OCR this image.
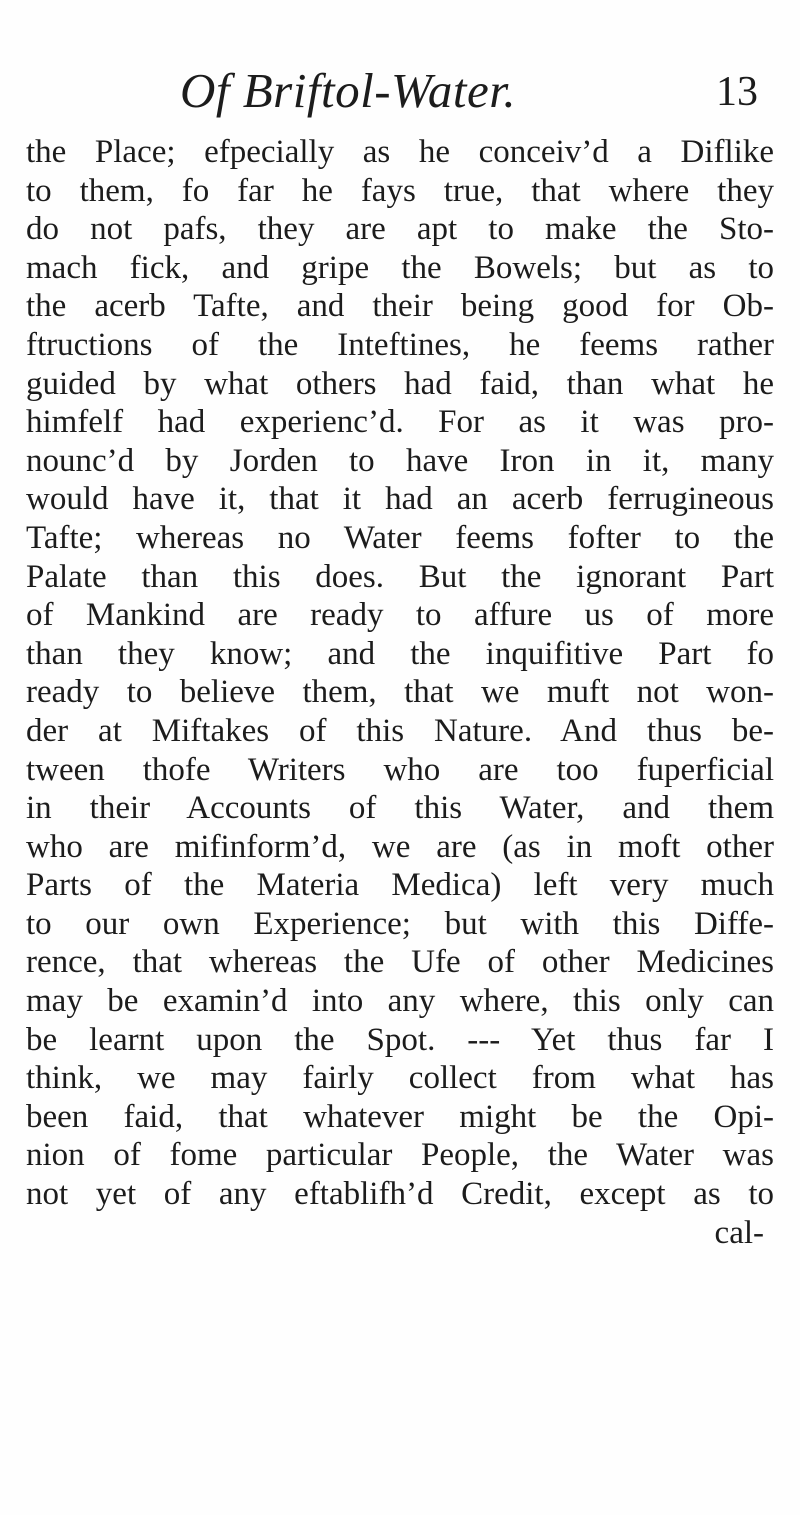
Of Briftol-Water.	13
the Place; efpecially as he conceiv’d a Diflike
to them, fo far he fays true, that where they
do not pafs, they are apt to make the Sto-
mach fick, and gripe the Bowels; but as to
the acerb Tafte, and their being good for Ob-
ftructions of the Inteftines, he feems rather
guided by what others had faid, than what he
himfelf had experienc’d. For as it was pro-
nounc’d by Jorden to have Iron in it, many
would have it, that it had an acerb ferrugineous
Tafte; whereas no Water feems fofter to the
Palate than this does. But the ignorant Part
of Mankind are ready to affure us of more
than they know; and the inquifitive Part fo
ready to believe them, that we muft not won-
der at Miftakes of this Nature. And thus be-
tween thofe Writers who are too fuperficial
in their Accounts of this Water, and them
who are mifinform’d, we are (as in moft other
Parts of the Materia Medica) left very much
to our own Experience; but with this Diffe-
rence, that whereas the Ufe of other Medicines
may be examin’d into any where, this only can
be learnt upon the Spot. --- Yet thus far I
think, we may fairly collect from what has
been faid, that whatever might be the Opi-
nion of fome particular People, the Water was
not yet of any eftablifh’d Credit, except as to
cal-
